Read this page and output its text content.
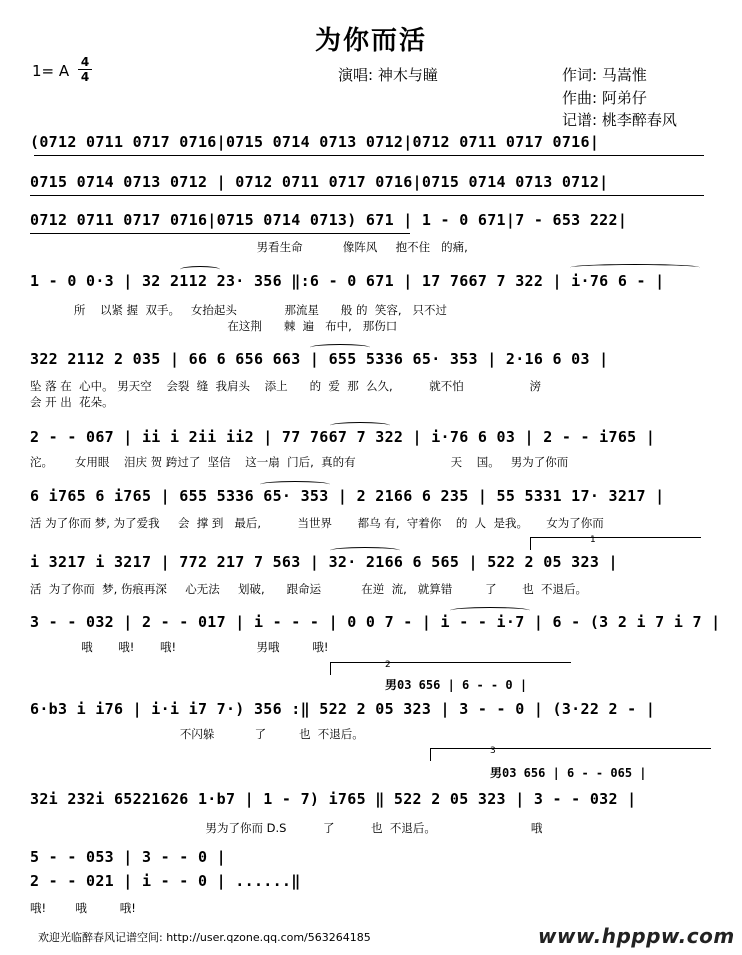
为你而活
1= A 4
4	演唱: 神木与瞳	作词: 马嵩惟
作曲: 阿弟仔
记谱: 桃李醉春风
(0712 0711 0717 0716|0715 0714 0713 0712|0712 0711 0717 0716|
0715 0714 0713 0712 | 0712 0711 0717 0716|0715 0714 0713 0712|
0712 0711 0717 0716|0715 0714 0713) 671 | 1 - 0 671|7 - 653 222|
男看生命           像阵风     抱不住   的痛,
1 - 0 0·3 | 32 2112 23· 356 ‖:6 - 0 671 | 17 7667 7 322 | i·76 6 - |
所    以紧 握  双手。   女抬起头             那流星      般 的  笑容,   只不过
在这荆      棘  遍   布中,   那伤口
322 2112 2 035 | 66 6 656 663 | 655 5336 65· 353 | 2·16 6 03 |
坠 落 在  心中。 男天空    会裂  缝  我肩头    添上      的  爱  那  么久,          就不怕                  滂
会 开 出  花朵。
2 - - 067 | ii i 2ii ii2 | 77 7667 7 322 | i·76 6 03 | 2 - - i765 |
沱。      女用眼    泪庆 贺 跨过了  坚信    这一扇  门后,  真的有                          天    国。   男为了你而
6 i765 6 i765 | 655 5336 65· 353 | 2 2166 6 235 | 55 5331 17· 3217 |
活 为了你而 梦, 为了爱我     会  撑 到   最后,          当世界       都乌 有,  守着你    的  人  是我。     女为了你而
1
i 3217 i 3217 | 772 217 7 563 | 32· 2166 6 565 | 522 2 05 323 |
活  为了你而  梦, 伤痕再深     心无法     划破,      跟命运           在逆  流,   就算错         了       也  不退后。
3 - - 032 | 2 - - 017 | i - - - | 0 0 7 - | i - - i·7 | 6 - (3 2 i 7 i 7 |
哦       哦!       哦!                      男哦         哦!
2
男03 656 | 6 - - 0 |
6·b3 i i76 | i·i i7 7·) 356 :‖ 522 2 05 323 | 3 - - 0 | (3·22 2 - |
不闪躲           了         也  不退后。
3
男03 656 | 6 - - 065 |
32i 232i 65221626 1·b7 | 1 - 7) i765 ‖ 522 2 05 323 | 3 - - 032 |
男为了你而 D.S          了          也  不退后。                          哦
5 - - 053 | 3 - - 0 |
2 - - 021 | i - - 0 | ......‖
哦!        哦         哦!
欢迎光临醉春风记谱空间: http://user.qzone.qq.com/563264185	www.hpppw.com
